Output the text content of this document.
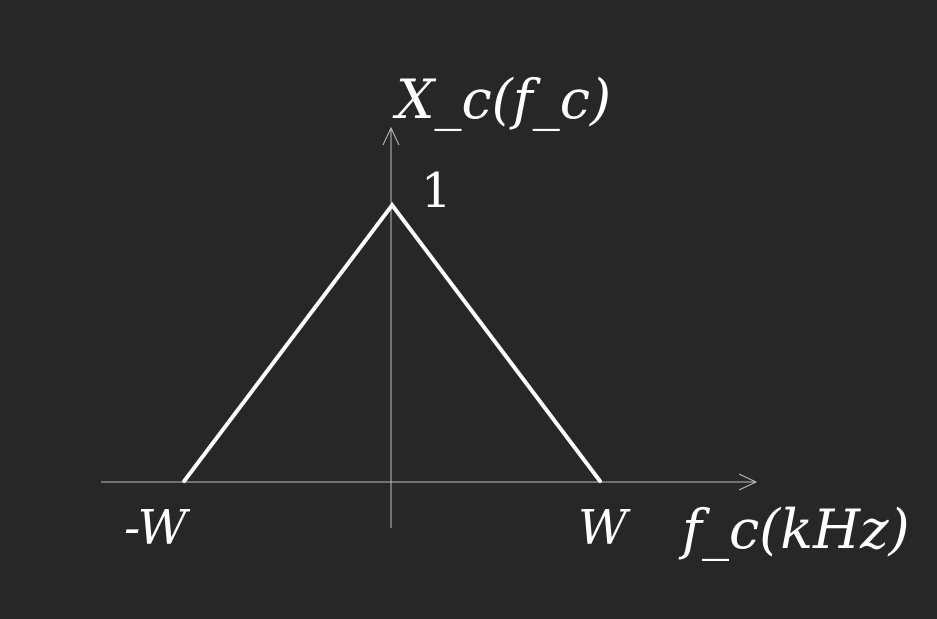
X_c(f_c)
1
-W	W f_c(kHz)
